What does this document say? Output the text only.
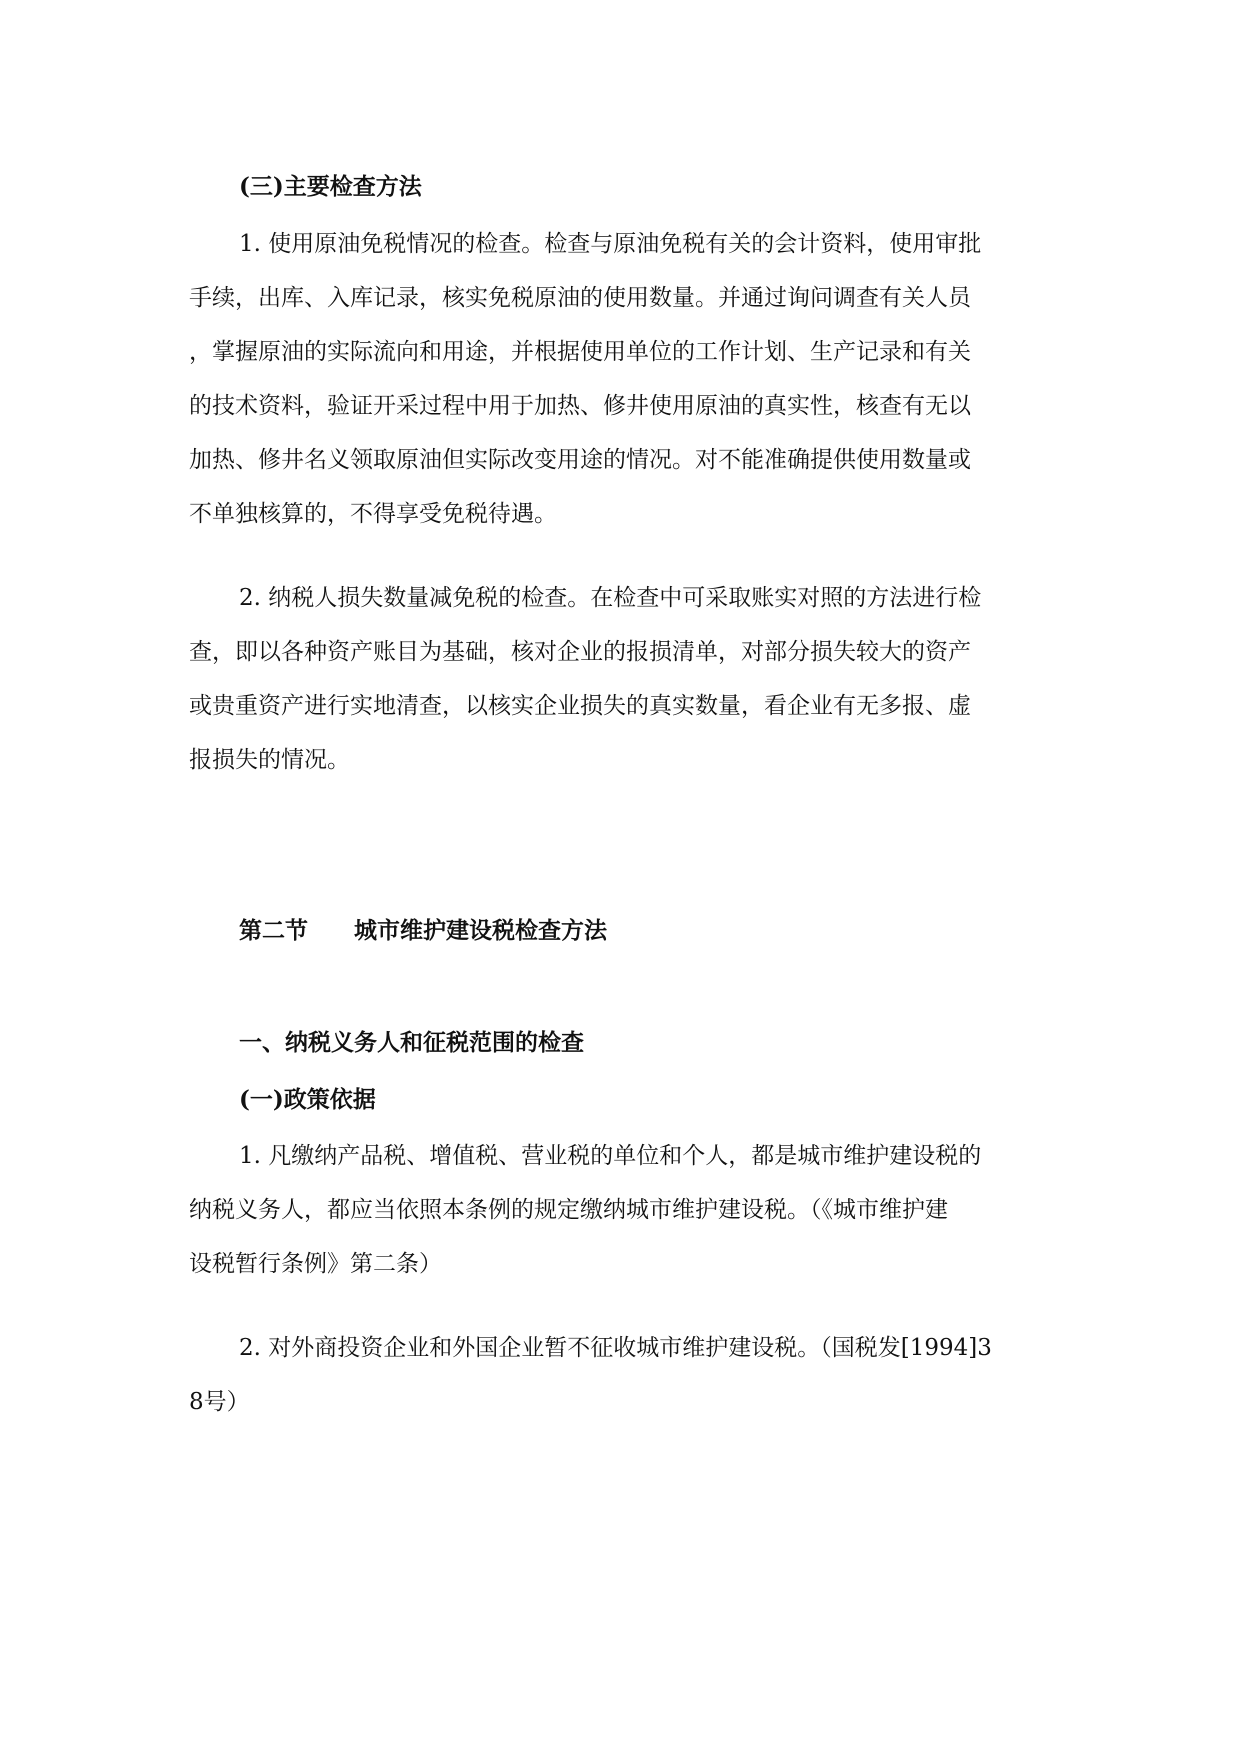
(三)主要检查方法

1. 使用原油免税情况的检查。检查与原油免税有关的会计资料，使用审批

手续，出库、入库记录，核实免税原油的使用数量。并通过询问调查有关人员

，掌握原油的实际流向和用途，并根据使用单位的工作计划、生产记录和有关

的技术资料，验证开采过程中用于加热、修井使用原油的真实性，核查有无以

加热、修井名义领取原油但实际改变用途的情况。对不能准确提供使用数量或

不单独核算的，不得享受免税待遇。

2. 纳税人损失数量减免税的检查。在检查中可采取账实对照的方法进行检

查，即以各种资产账目为基础，核对企业的报损清单，对部分损失较大的资产

或贵重资产进行实地清查，以核实企业损失的真实数量，看企业有无多报、虚

报损失的情况。

第二节 城市维护建设税检查方法

一、纳税义务人和征税范围的检查

(一)政策依据

1. 凡缴纳产品税、增值税、营业税的单位和个人，都是城市维护建设税的

纳税义务人，都应当依照本条例的规定缴纳城市维护建设税。（《城市维护建

设税暂行条例》第二条）

2. 对外商投资企业和外国企业暂不征收城市维护建设税。（国税发[1994]3

8号）
